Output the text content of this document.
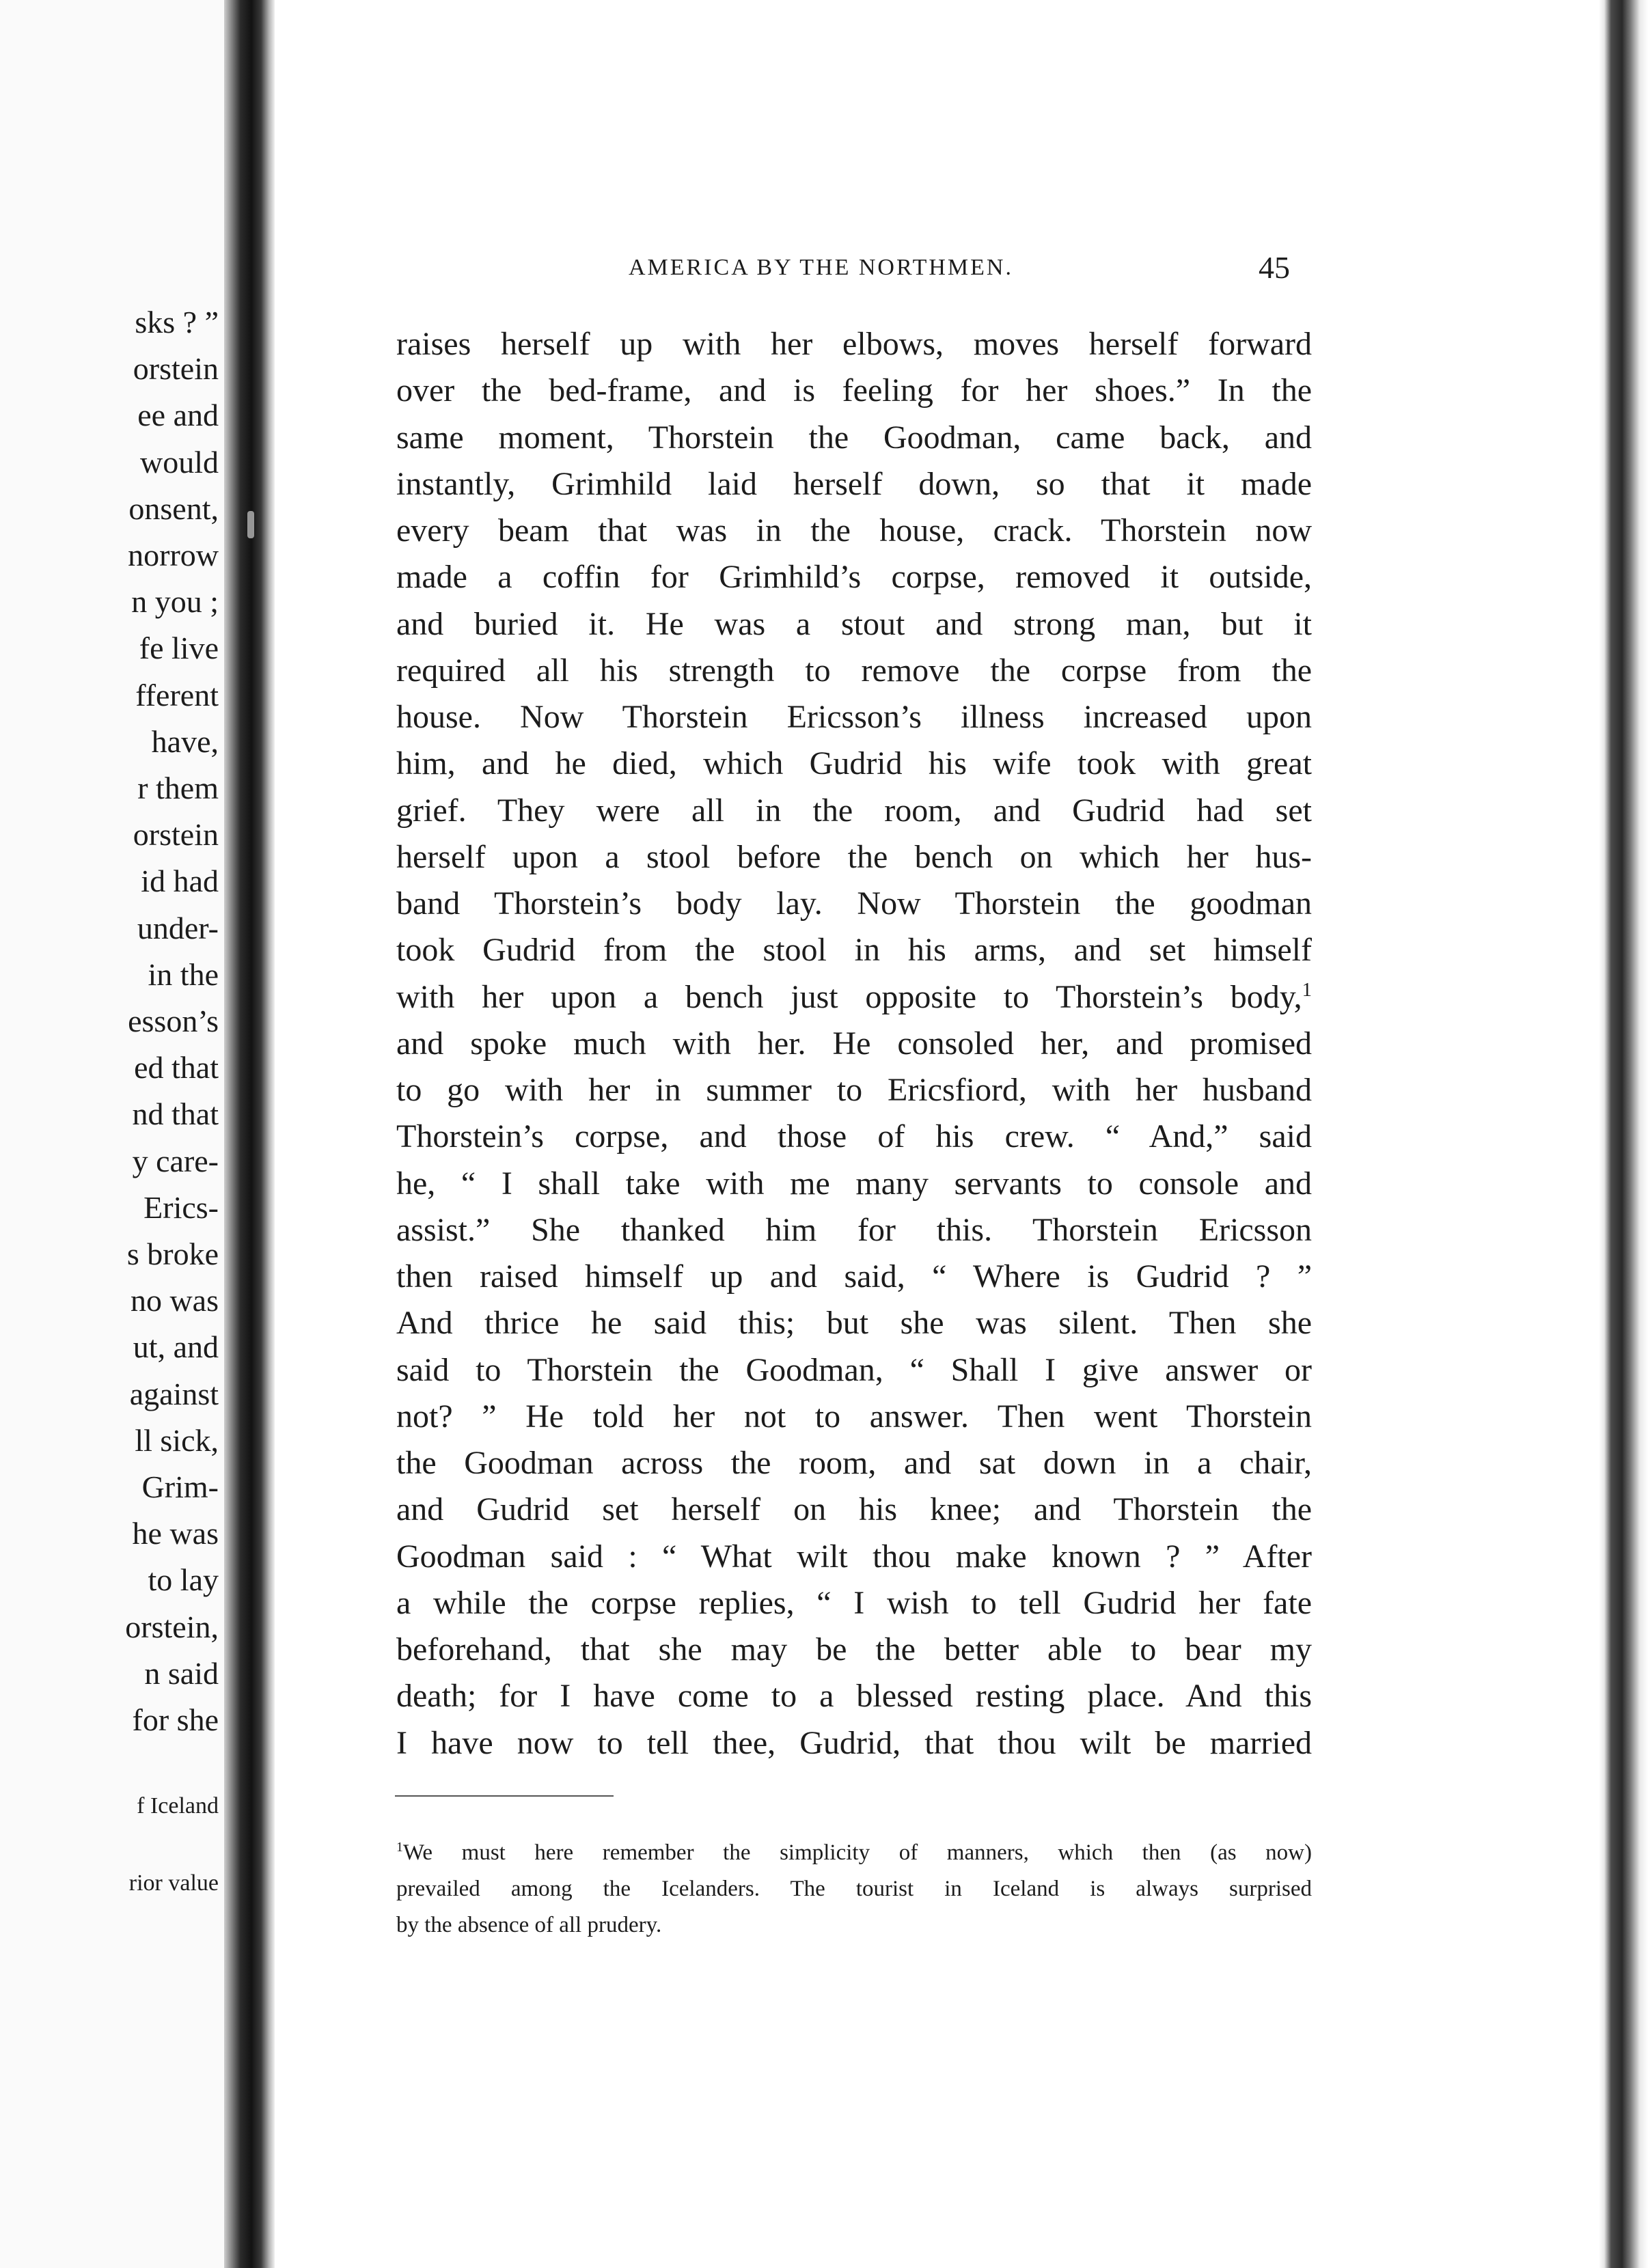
sks ? ”
orstein
ee and
would
onsent,
norrow
n you ;
fe live
fferent
have,
r them
orstein
id had
under-
in the
esson’s
ed that
nd that
y care-
Erics-
s broke
no was
ut, and
against
ll sick,
Grim-
he was
to lay
orstein,
n said
for she
f Iceland
rior value
AMERICA BY THE NORTHMEN.	45
raises herself up with her elbows, moves herself forward
over the bed-frame, and is feeling for her shoes.” In the
same moment, Thorstein the Goodman, came back, and
instantly, Grimhild laid herself down, so that it made
every beam that was in the house, crack. Thorstein now
made a coffin for Grimhild’s corpse, removed it outside,
and buried it. He was a stout and strong man, but it
required all his strength to remove the corpse from the
house. Now Thorstein Ericsson’s illness increased upon
him, and he died, which Gudrid his wife took with great
grief. They were all in the room, and Gudrid had set
herself upon a stool before the bench on which her hus-
band Thorstein’s body lay. Now Thorstein the goodman
took Gudrid from the stool in his arms, and set himself
with her upon a bench just opposite to Thorstein’s body,$^1$
and spoke much with her. He consoled her, and promised
to go with her in summer to Ericsfiord, with her husband
Thorstein’s corpse, and those of his crew. “ And,” said
he, “ I shall take with me many servants to console and
assist.” She thanked him for this. Thorstein Ericsson
then raised himself up and said, “ Where is Gudrid ? ”
And thrice he said this; but she was silent. Then she
said to Thorstein the Goodman, “ Shall I give answer or
not? ” He told her not to answer. Then went Thorstein
the Goodman across the room, and sat down in a chair,
and Gudrid set herself on his knee; and Thorstein the
Goodman said : “ What wilt thou make known ? ” After
a while the corpse replies, “ I wish to tell Gudrid her fate
beforehand, that she may be the better able to bear my
death; for I have come to a blessed resting place. And this
I have now to tell thee, Gudrid, that thou wilt be married
$^1$We must here remember the simplicity of manners, which then (as now)
prevailed among the Icelanders. The tourist in Iceland is always surprised
by the absence of all prudery.
